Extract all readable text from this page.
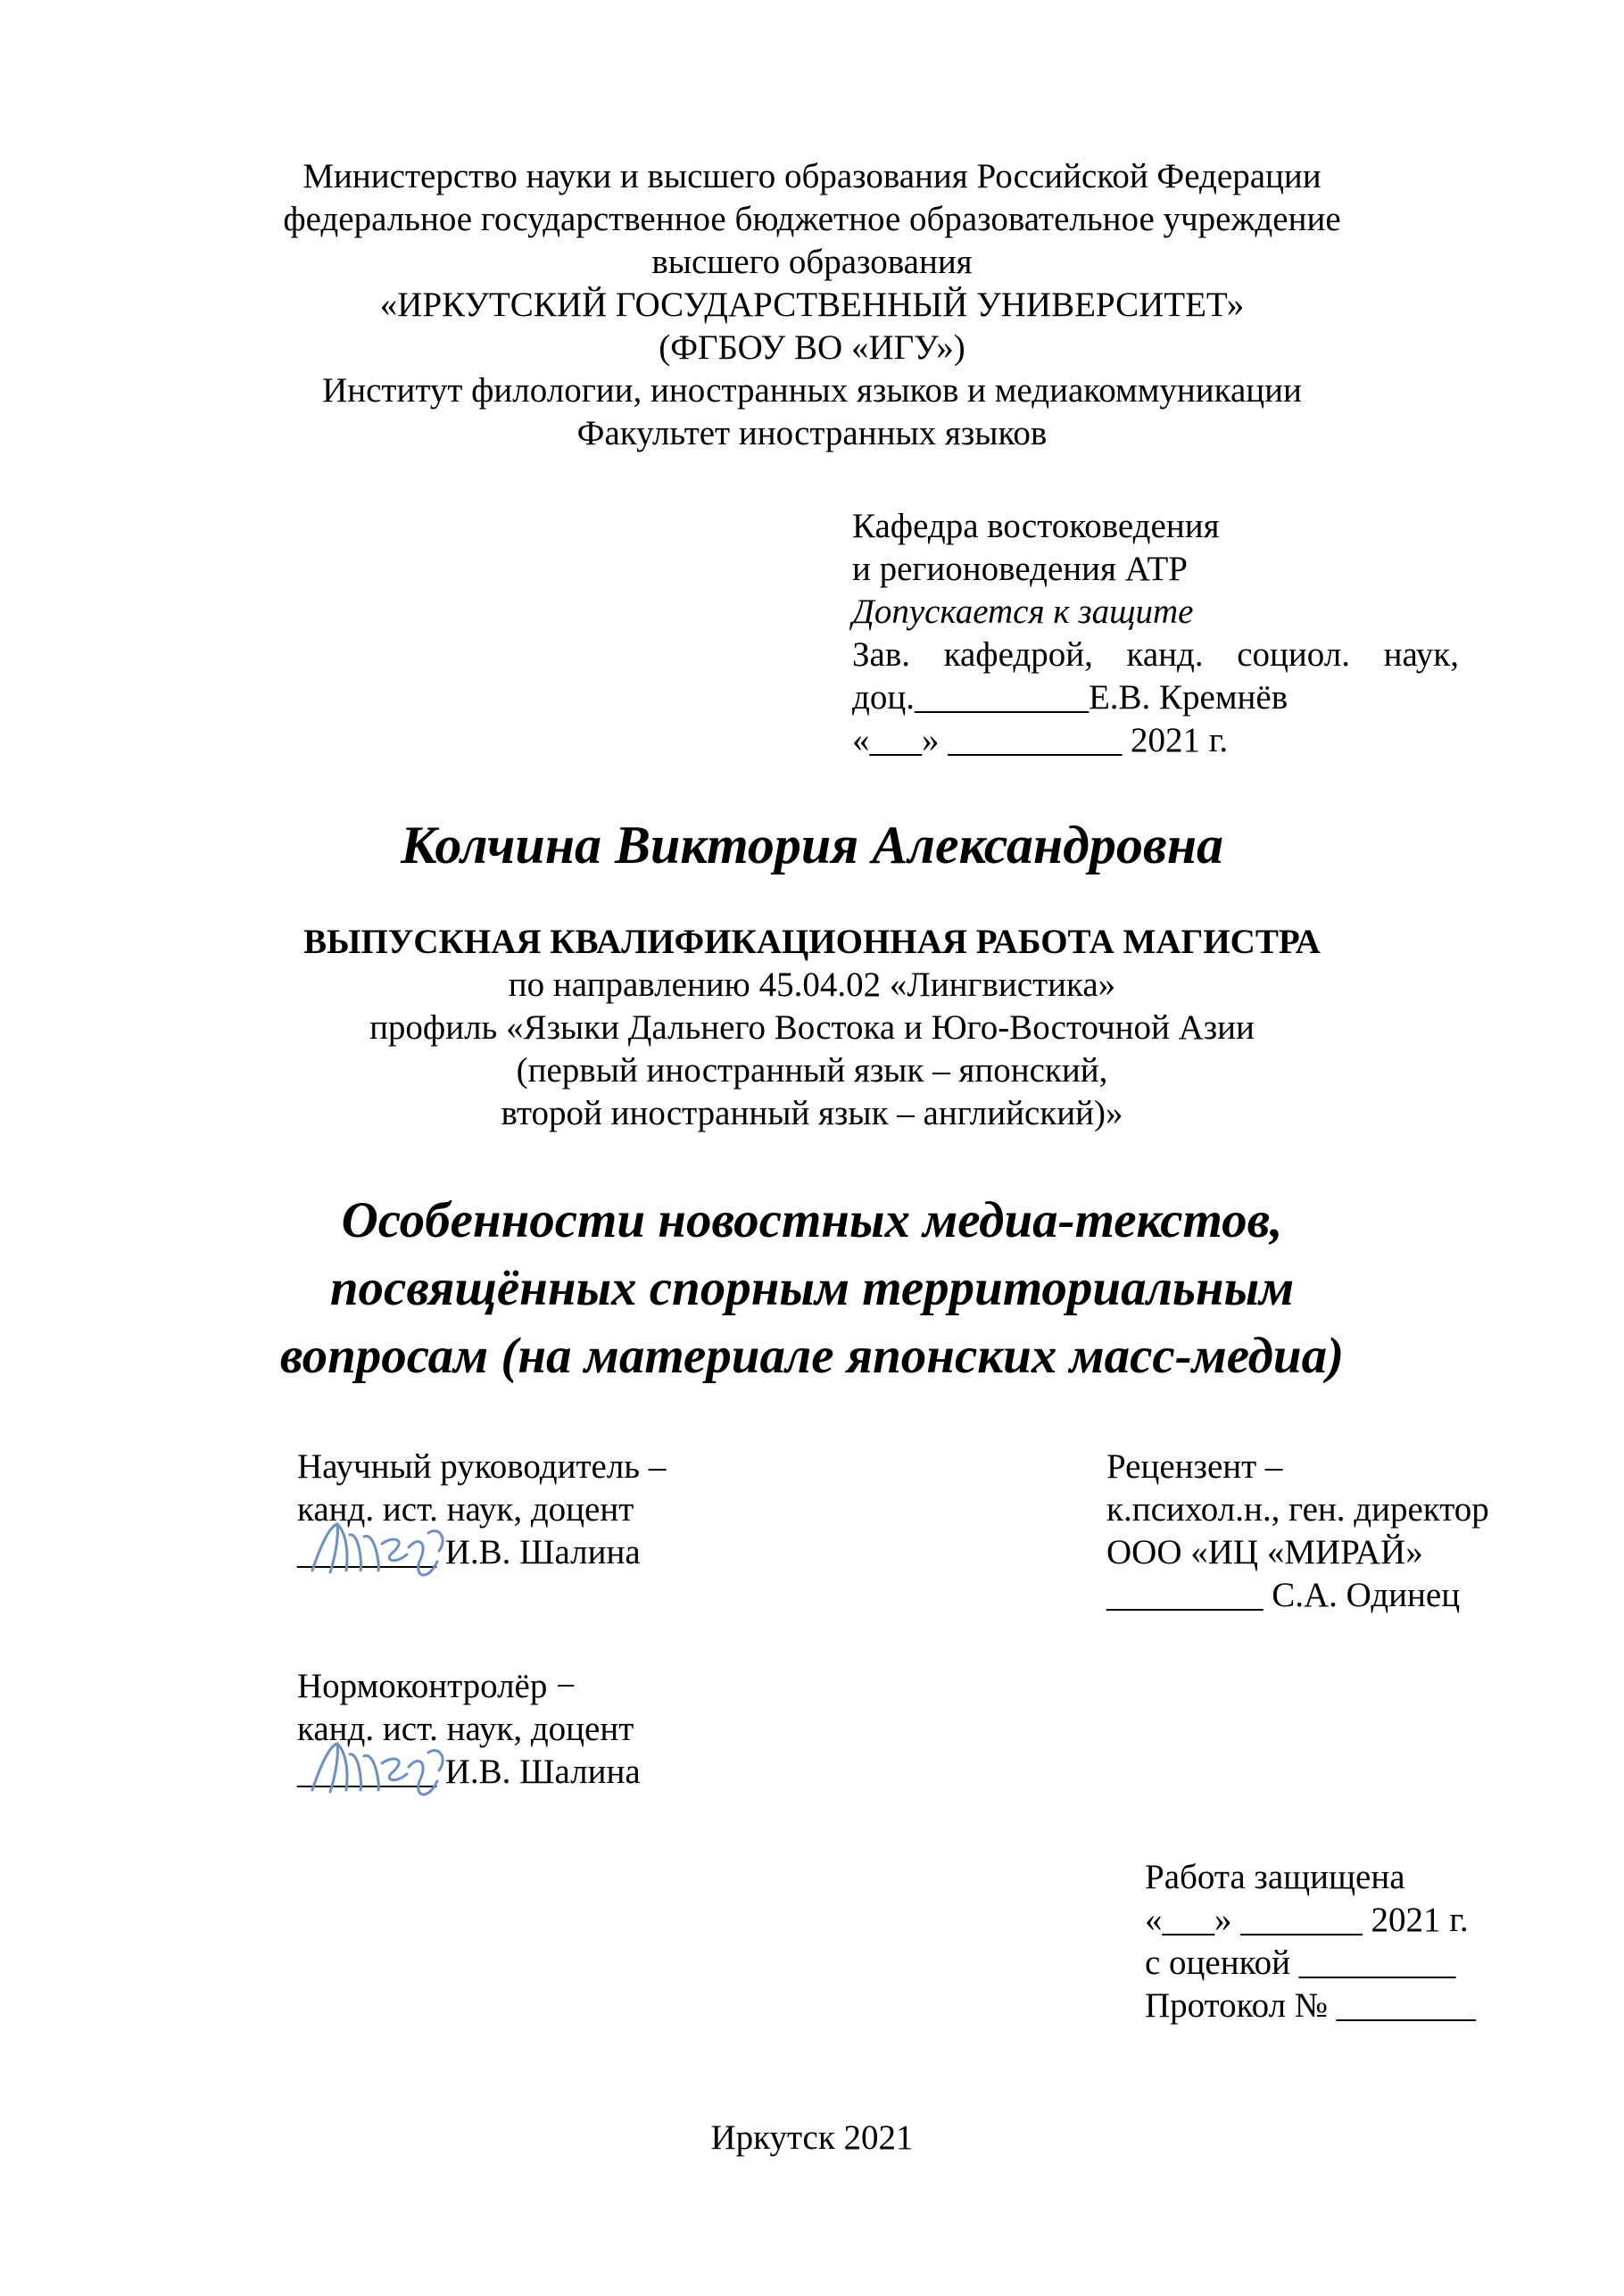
Министерство науки и высшего образования Российской Федерации
федеральное государственное бюджетное образовательное учреждение
высшего образования
«ИРКУТСКИЙ ГОСУДАРСТВЕННЫЙ УНИВЕРСИТЕТ»
(ФГБОУ ВО «ИГУ»)
Институт филологии, иностранных языков и медиакоммуникации
Факультет иностранных языков
Кафедра востоковедения
и регионоведения АТР
Допускается к защите
Зав. кафедрой, канд. социол. наук,
доц.__________Е.В. Кремнёв
«___» __________ 2021 г.
Колчина Виктория Александровна
ВЫПУСКНАЯ КВАЛИФИКАЦИОННАЯ РАБОТА МАГИСТРА
по направлению 45.04.02 «Лингвистика»
профиль «Языки Дальнего Востока и Юго-Восточной Азии
(первый иностранный язык – японский,
второй иностранный язык – английский)»
Особенности новостных медиа-текстов,
посвящённых спорным территориальным
вопросам (на материале японских масс-медиа)
Научный руководитель –
канд. ист. наук, доцент
________ И.В. Шалина
Рецензент –
к.психол.н., ген. директор
ООО «ИЦ «МИРАЙ»
_________ С.А. Одинец
Нормоконтролёр −
канд. ист. наук, доцент
________ И.В. Шалина
Работа защищена
«___» _______ 2021 г.
с оценкой _________
Протокол № ________
Иркутск 2021
